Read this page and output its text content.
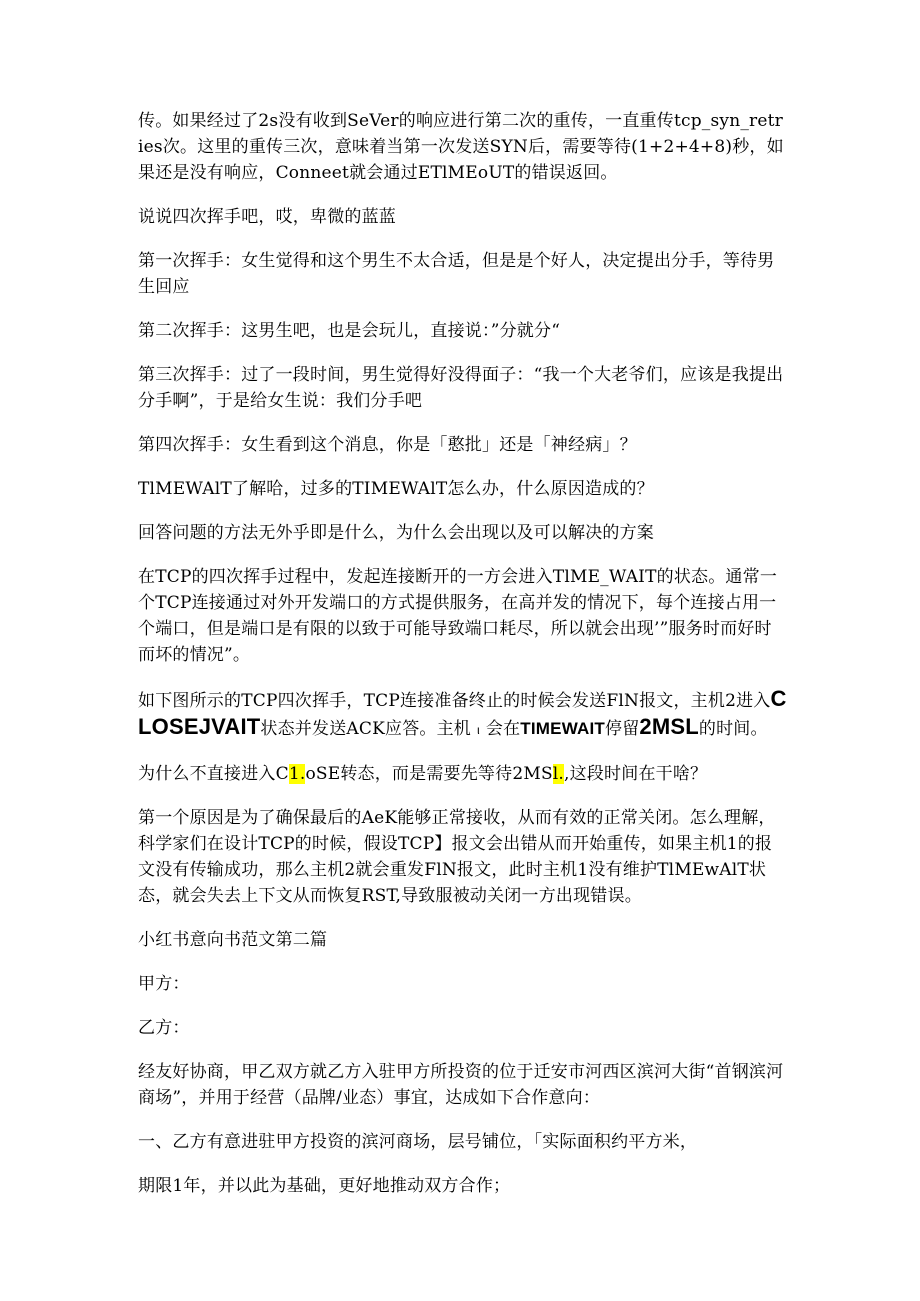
传。如果经过了2s没有收到SeVer的响应进行第二次的重传，一直重传tcp_syn_retries次。这里的重传三次，意味着当第一次发送SYN后，需要等待(1+2+4+8)秒，如果还是没有响应，Conneet就会通过ETlMEoUT的错误返回。

说说四次挥手吧，哎，卑微的蓝蓝

第一次挥手：女生觉得和这个男生不太合适，但是是个好人，决定提出分手，等待男生回应

第二次挥手：这男生吧，也是会玩儿，直接说：”分就分“

第三次挥手：过了一段时间，男生觉得好没得面子：“我一个大老爷们，应该是我提出分手啊”，于是给女生说：我们分手吧

第四次挥手：女生看到这个消息，你是「憨批」还是「神经病」？

TlMEWAlT了解哈，过多的TIMEWAlT怎么办，什么原因造成的？

回答问题的方法无外乎即是什么，为什么会出现以及可以解决的方案

在TCP的四次挥手过程中，发起连接断开的一方会进入TlME_WAIT的状态。通常一个TCP连接通过对外开发端口的方式提供服务，在高并发的情况下，每个连接占用一个端口，但是端口是有限的以致于可能导致端口耗尽，所以就会出现’”服务时而好时而坏的情况”。

如下图所示的TCP四次挥手，TCP连接准备终止的时候会发送FlN报文，主机2进入CLOSEJVAIT状态并发送ACK应答。主机 ι 会在TIMEWAIT停留2MSL的时间。

为什么不直接进入C1.oSE转态，而是需要先等待2MSl.,这段时间在干啥？

第一个原因是为了确保最后的AeK能够正常接收，从而有效的正常关闭。怎么理解，科学家们在设计TCP的时候，假设TCP】报文会出错从而开始重传，如果主机1的报文没有传输成功，那么主机2就会重发FlN报文，此时主机1没有维护TlMEwAlT状态，就会失去上下文从而恢复RST,导致服被动关闭一方出现错误。

小红书意向书范文第二篇

甲方：

乙方：

经友好协商，甲乙双方就乙方入驻甲方所投资的位于迁安市河西区滨河大街“首钢滨河商场”，并用于经营（品牌/业态）事宜，达成如下合作意向：

一、乙方有意进驻甲方投资的滨河商场，层号铺位，「实际面积约平方米，

期限1年，并以此为基础，更好地推动双方合作；
